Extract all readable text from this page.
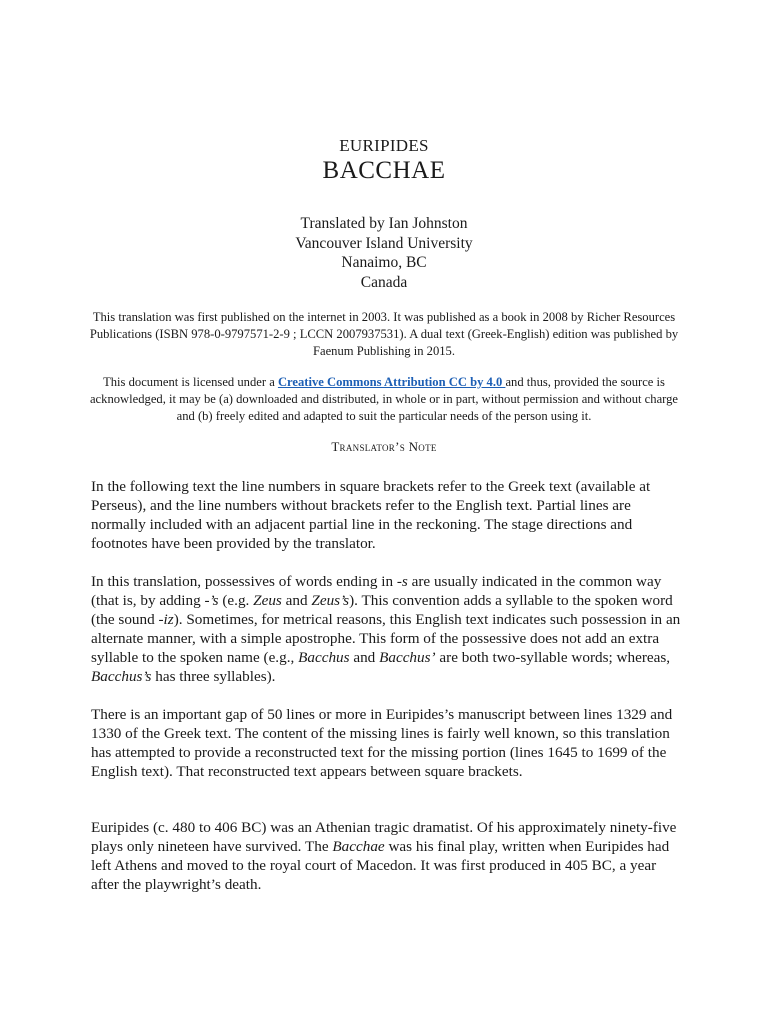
EURIPIDES
BACCHAE
Translated by Ian Johnston
Vancouver Island University
Nanaimo, BC
Canada
This translation was first published on the internet in 2003. It was published as a book in 2008 by Richer Resources Publications (ISBN 978-0-9797571-2-9 ; LCCN 2007937531). A dual text (Greek-English) edition was published by Faenum Publishing in 2015.
This document is licensed under a Creative Commons Attribution CC by 4.0 and thus, provided the source is acknowledged, it may be (a) downloaded and distributed, in whole or in part, without permission and without charge and (b) freely edited and adapted to suit the particular needs of the person using it.
Translator’s Note

In the following text the line numbers in square brackets refer to the Greek text (available at Perseus), and the line numbers without brackets refer to the English text. Partial lines are normally included with an adjacent partial line in the reckoning. The stage directions and footnotes have been provided by the translator.

In this translation, possessives of words ending in -s are usually indicated in the common way (that is, by adding -’s (e.g. Zeus and Zeus’s). This convention adds a syllable to the spoken word (the sound -iz). Sometimes, for metrical reasons, this English text indicates such possession in an alternate manner, with a simple apostrophe. This form of the possessive does not add an extra syllable to the spoken name (e.g., Bacchus and Bacchus’ are both two-syllable words; whereas, Bacchus’s has three syllables).

There is an important gap of 50 lines or more in Euripides’s manuscript between lines 1329 and 1330 of the Greek text. The content of the missing lines is fairly well known, so this translation has attempted to provide a reconstructed text for the missing portion (lines 1645 to 1699 of the English text). That reconstructed text appears between square brackets.

Euripides (c. 480 to 406 BC) was an Athenian tragic dramatist. Of his approximately ninety-five plays only nineteen have survived. The Bacchae was his final play, written when Euripides had left Athens and moved to the royal court of Macedon. It was first produced in 405 BC, a year after the playwright’s death.
